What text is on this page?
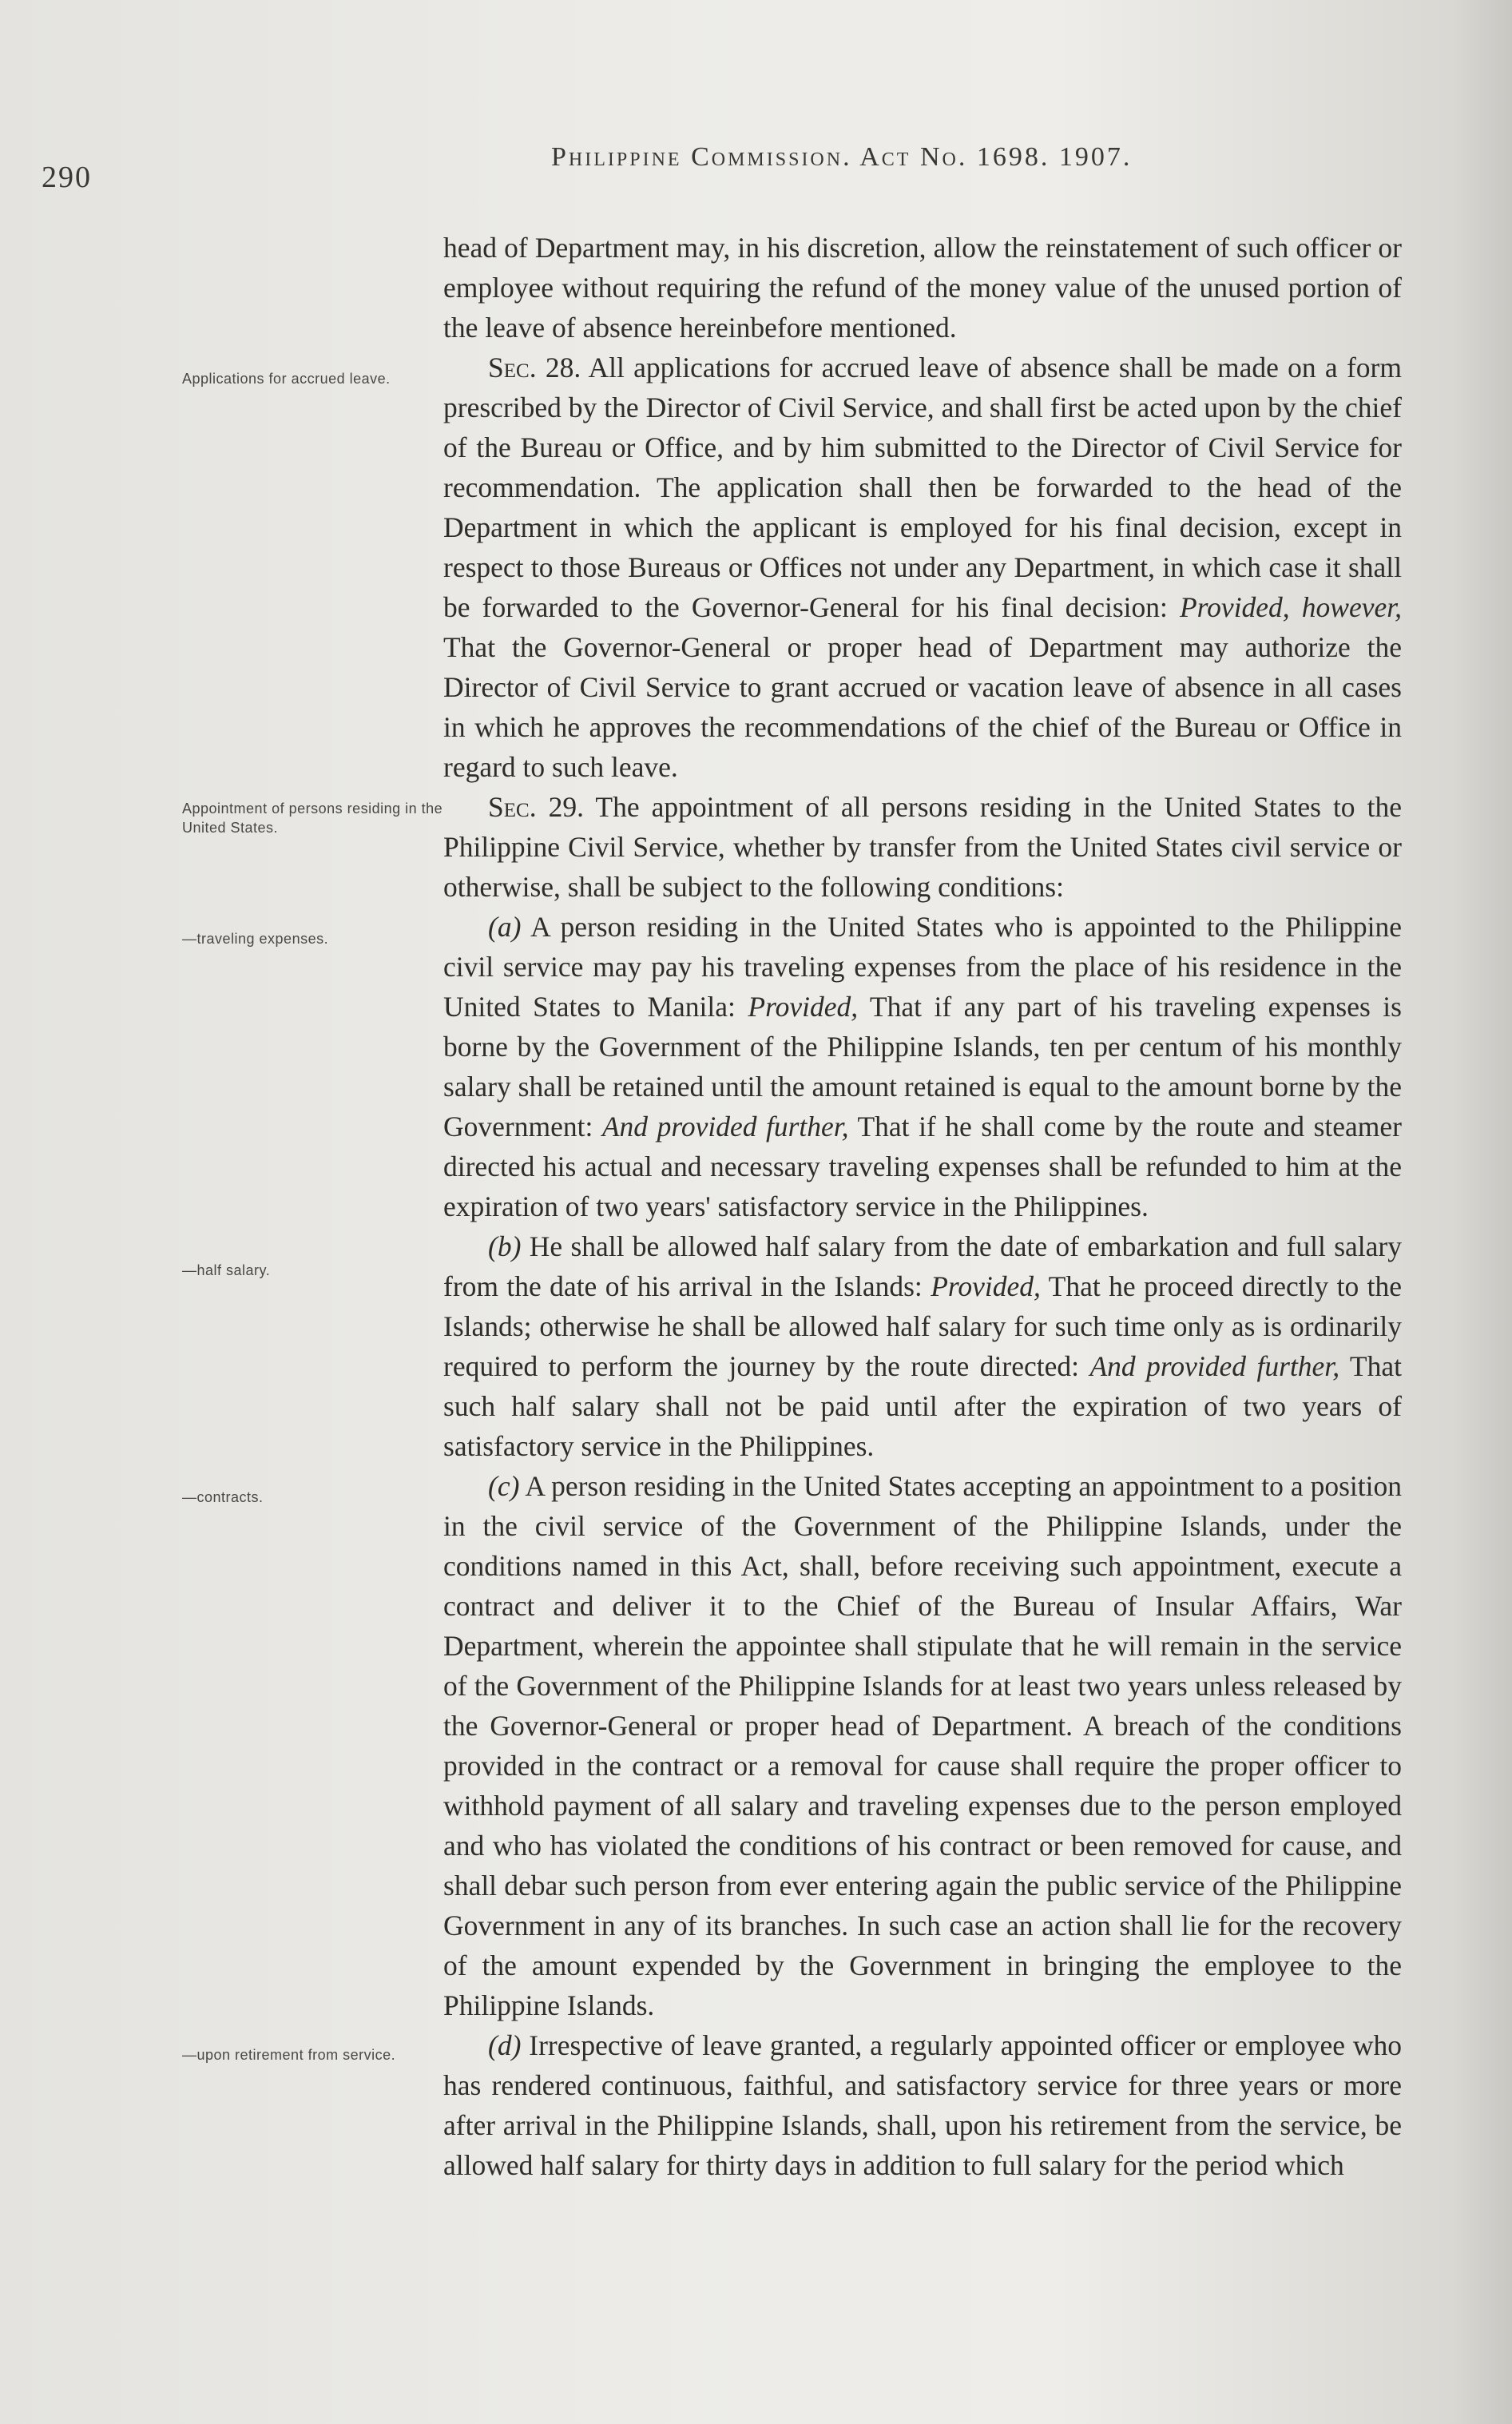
290
Philippine Commission. Act No. 1698. 1907.
Applications for accrued leave.
Appointment of persons residing in the United States.
—traveling expenses.
—half salary.
—contracts.
—upon retirement from service.

head of Department may, in his discretion, allow the reinstatement of such officer or employee without requiring the refund of the money value of the unused portion of the leave of absence hereinbefore mentioned.

Sec. 28. All applications for accrued leave of absence shall be made on a form prescribed by the Director of Civil Service, and shall first be acted upon by the chief of the Bureau or Office, and by him submitted to the Director of Civil Service for recommendation. The application shall then be forwarded to the head of the Department in which the applicant is employed for his final decision, except in respect to those Bureaus or Offices not under any Department, in which case it shall be forwarded to the Governor-General for his final decision: Provided, however, That the Governor-General or proper head of Department may authorize the Director of Civil Service to grant accrued or vacation leave of absence in all cases in which he approves the recommendations of the chief of the Bureau or Office in regard to such leave.

Sec. 29. The appointment of all persons residing in the United States to the Philippine Civil Service, whether by transfer from the United States civil service or otherwise, shall be subject to the following conditions:

(a) A person residing in the United States who is appointed to the Philippine civil service may pay his traveling expenses from the place of his residence in the United States to Manila: Provided, That if any part of his traveling expenses is borne by the Government of the Philippine Islands, ten per centum of his monthly salary shall be retained until the amount retained is equal to the amount borne by the Government: And provided further, That if he shall come by the route and steamer directed his actual and necessary traveling expenses shall be refunded to him at the expiration of two years' satisfactory service in the Philippines.

(b) He shall be allowed half salary from the date of embarkation and full salary from the date of his arrival in the Islands: Provided, That he proceed directly to the Islands; otherwise he shall be allowed half salary for such time only as is ordinarily required to perform the journey by the route directed: And provided further, That such half salary shall not be paid until after the expiration of two years of satisfactory service in the Philippines.

(c) A person residing in the United States accepting an appointment to a position in the civil service of the Government of the Philippine Islands, under the conditions named in this Act, shall, before receiving such appointment, execute a contract and deliver it to the Chief of the Bureau of Insular Affairs, War Department, wherein the appointee shall stipulate that he will remain in the service of the Government of the Philippine Islands for at least two years unless released by the Governor-General or proper head of Department. A breach of the conditions provided in the contract or a removal for cause shall require the proper officer to withhold payment of all salary and traveling expenses due to the person employed and who has violated the conditions of his contract or been removed for cause, and shall debar such person from ever entering again the public service of the Philippine Government in any of its branches. In such case an action shall lie for the recovery of the amount expended by the Government in bringing the employee to the Philippine Islands.

(d) Irrespective of leave granted, a regularly appointed officer or employee who has rendered continuous, faithful, and satisfactory service for three years or more after arrival in the Philippine Islands, shall, upon his retirement from the service, be allowed half salary for thirty days in addition to full salary for the period which
